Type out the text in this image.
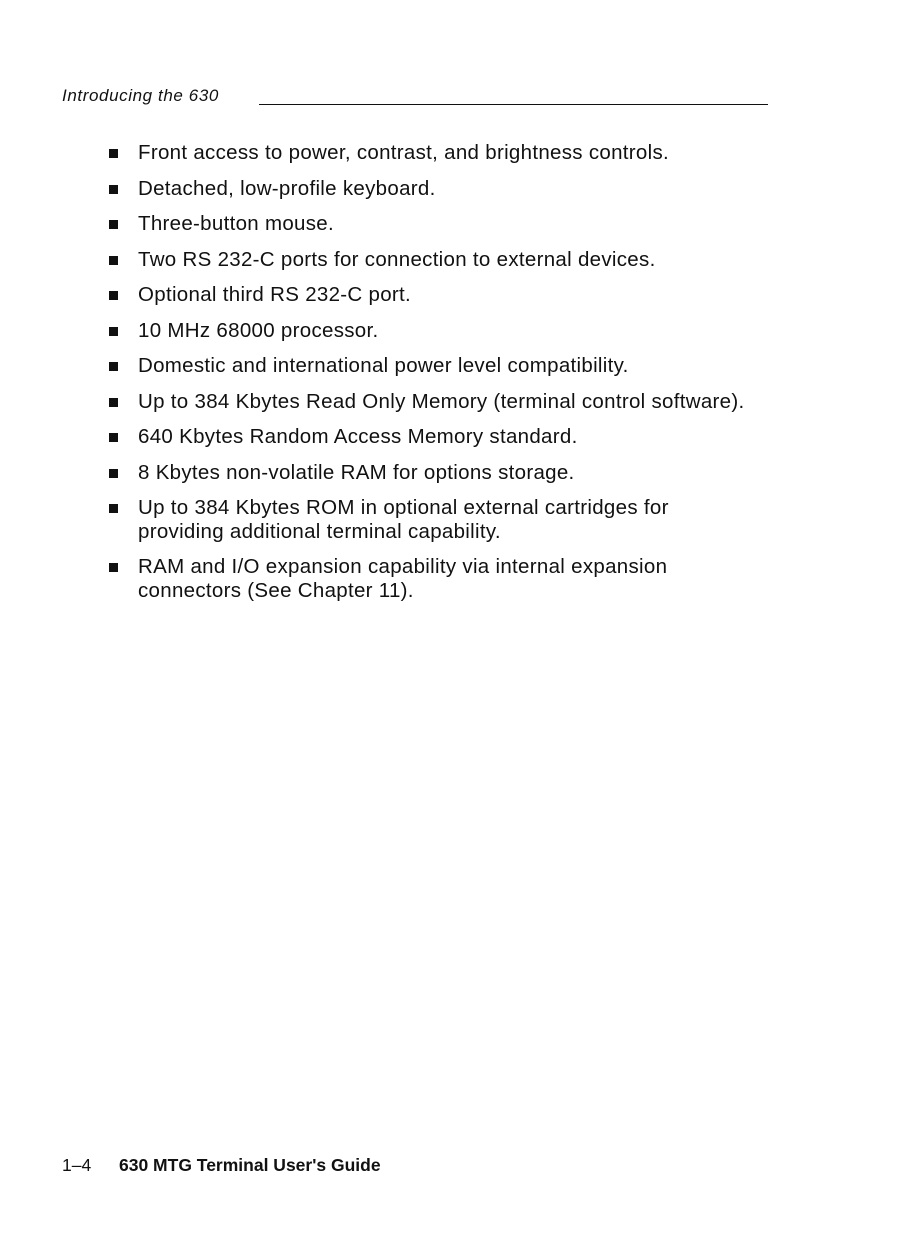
Introducing the 630
Front access to power, contrast, and brightness controls.
Detached, low-profile keyboard.
Three-button mouse.
Two RS 232-C ports for connection to external devices.
Optional third RS 232-C port.
10 MHz 68000 processor.
Domestic and international power level compatibility.
Up to 384 Kbytes Read Only Memory (terminal control software).
640 Kbytes Random Access Memory standard.
8 Kbytes non-volatile RAM for options storage.
Up to 384 Kbytes ROM in optional external cartridges for providing additional terminal capability.
RAM and I/O expansion capability via internal expansion connectors (See Chapter 11).
1–4 630 MTG Terminal User's Guide
